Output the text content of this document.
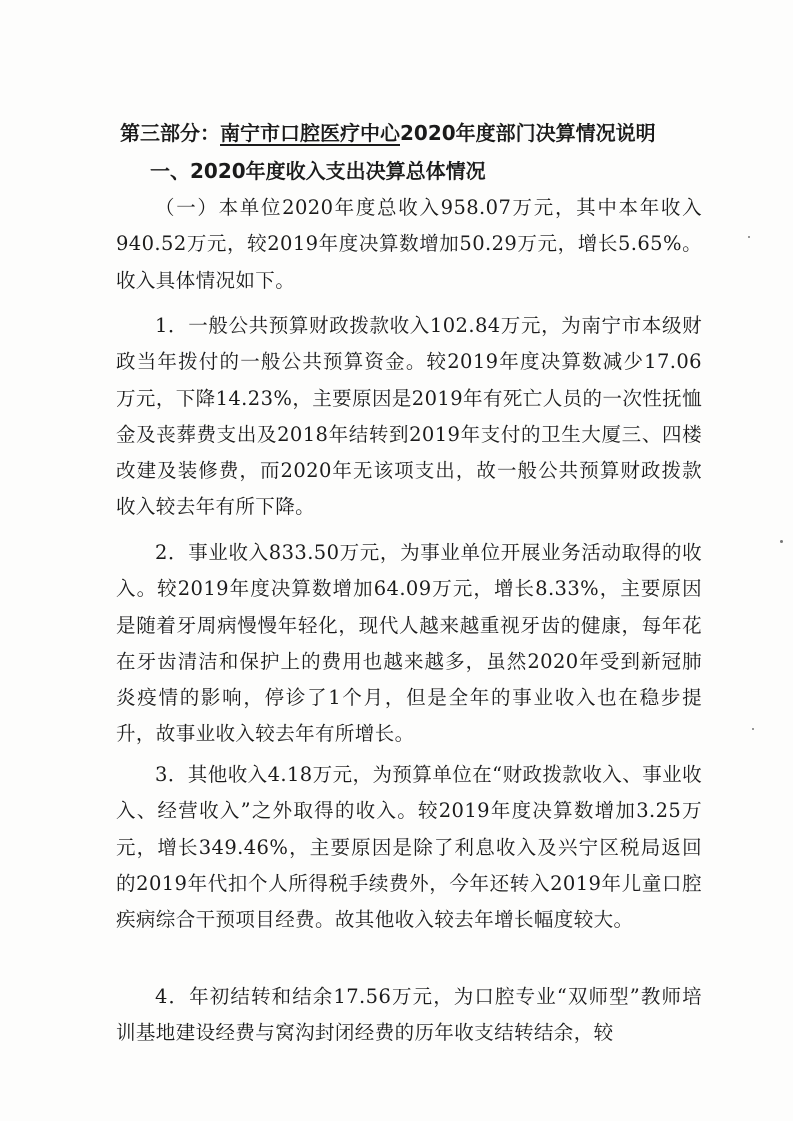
第三部分：南宁市口腔医疗中心2020年度部门决算情况说明
一、2020年度收入支出决算总体情况

（一）本单位2020年度总收入958.07万元，其中本年收入940.52万元，较2019年度决算数增加50.29万元，增长5.65%。收入具体情况如下。

1．一般公共预算财政拨款收入102.84万元，为南宁市本级财政当年拨付的一般公共预算资金。较2019年度决算数减少17.06万元，下降14.23%，主要原因是2019年有死亡人员的一次性抚恤金及丧葬费支出及2018年结转到2019年支付的卫生大厦三、四楼改建及装修费，而2020年无该项支出，故一般公共预算财政拨款收入较去年有所下降。

2．事业收入833.50万元，为事业单位开展业务活动取得的收入。较2019年度决算数增加64.09万元，增长8.33%，主要原因是随着牙周病慢慢年轻化，现代人越来越重视牙齿的健康，每年花在牙齿清洁和保护上的费用也越来越多，虽然2020年受到新冠肺炎疫情的影响，停诊了1个月，但是全年的事业收入也在稳步提升，故事业收入较去年有所增长。

3．其他收入4.18万元，为预算单位在“财政拨款收入、事业收入、经营收入”之外取得的收入。较2019年度决算数增加3.25万元，增长349.46%，主要原因是除了利息收入及兴宁区税局返回的2019年代扣个人所得税手续费外，今年还转入2019年儿童口腔疾病综合干预项目经费。故其他收入较去年增长幅度较大。

4．年初结转和结余17.56万元，为口腔专业“双师型”教师培训基地建设经费与窝沟封闭经费的历年收支结转结余，较
